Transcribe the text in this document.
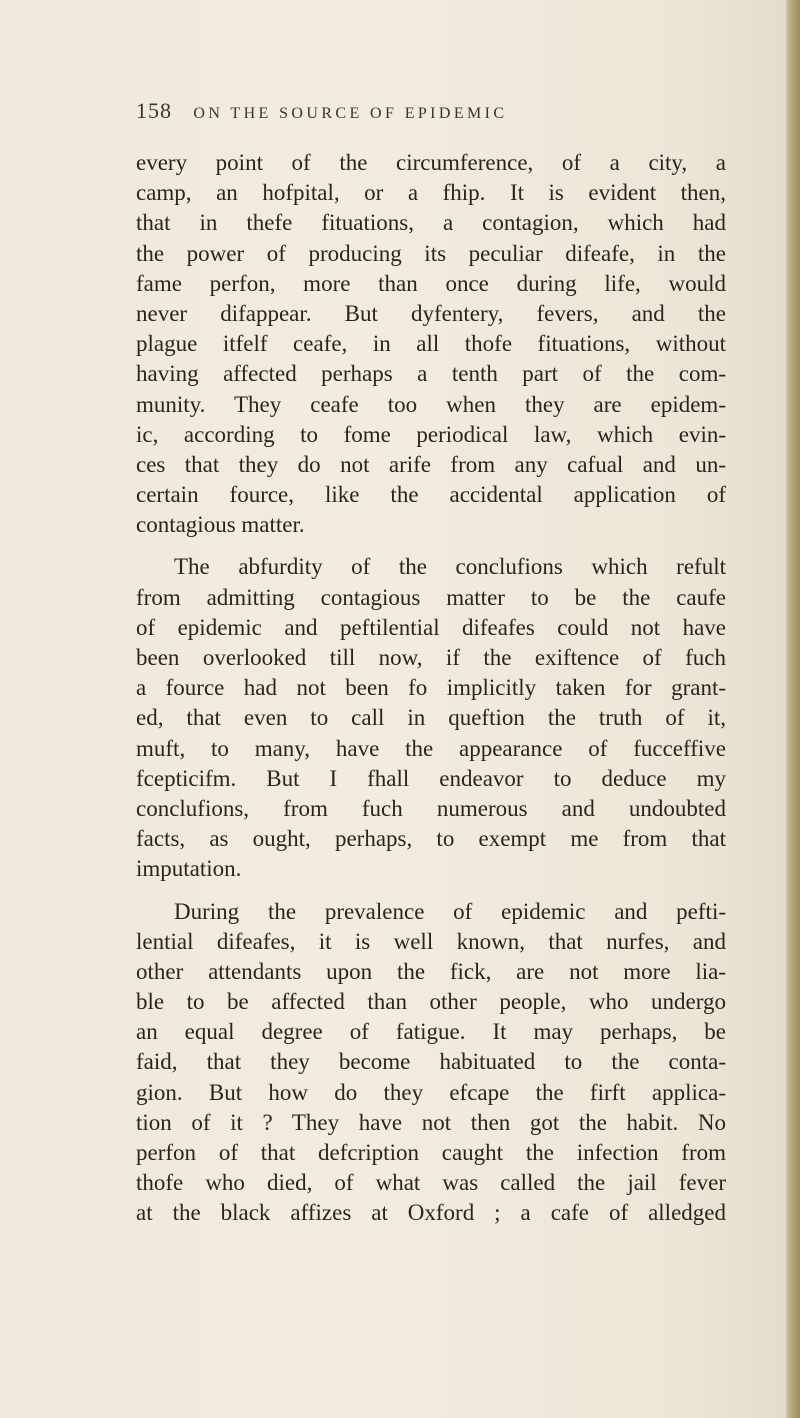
158 ON THE SOURCE OF EPIDEMIC
every point of the circumference, of a city, a
camp, an hofpital, or a fhip. It is evident then,
that in thefe fituations, a contagion, which had
the power of producing its peculiar difeafe, in the
fame perfon, more than once during life, would
never difappear. But dyfentery, fevers, and the
plague itfelf ceafe, in all thofe fituations, without
having affected perhaps a tenth part of the com-
munity. They ceafe too when they are epidem-
ic, according to fome periodical law, which evin-
ces that they do not arife from any cafual and un-
certain fource, like the accidental application of
contagious matter.
The abfurdity of the conclufions which refult
from admitting contagious matter to be the caufe
of epidemic and peftilential difeafes could not have
been overlooked till now, if the exiftence of fuch
a fource had not been fo implicitly taken for grant-
ed, that even to call in queftion the truth of it,
muft, to many, have the appearance of fucceffive
fcepticifm. But I fhall endeavor to deduce my
conclufions, from fuch numerous and undoubted
facts, as ought, perhaps, to exempt me from that
imputation.
During the prevalence of epidemic and pefti-
lential difeafes, it is well known, that nurfes, and
other attendants upon the fick, are not more lia-
ble to be affected than other people, who undergo
an equal degree of fatigue. It may perhaps, be
faid, that they become habituated to the conta-
gion. But how do they efcape the firft applica-
tion of it ? They have not then got the habit. No
perfon of that defcription caught the infection from
thofe who died, of what was called the jail fever
at the black affizes at Oxford ; a cafe of alledged
